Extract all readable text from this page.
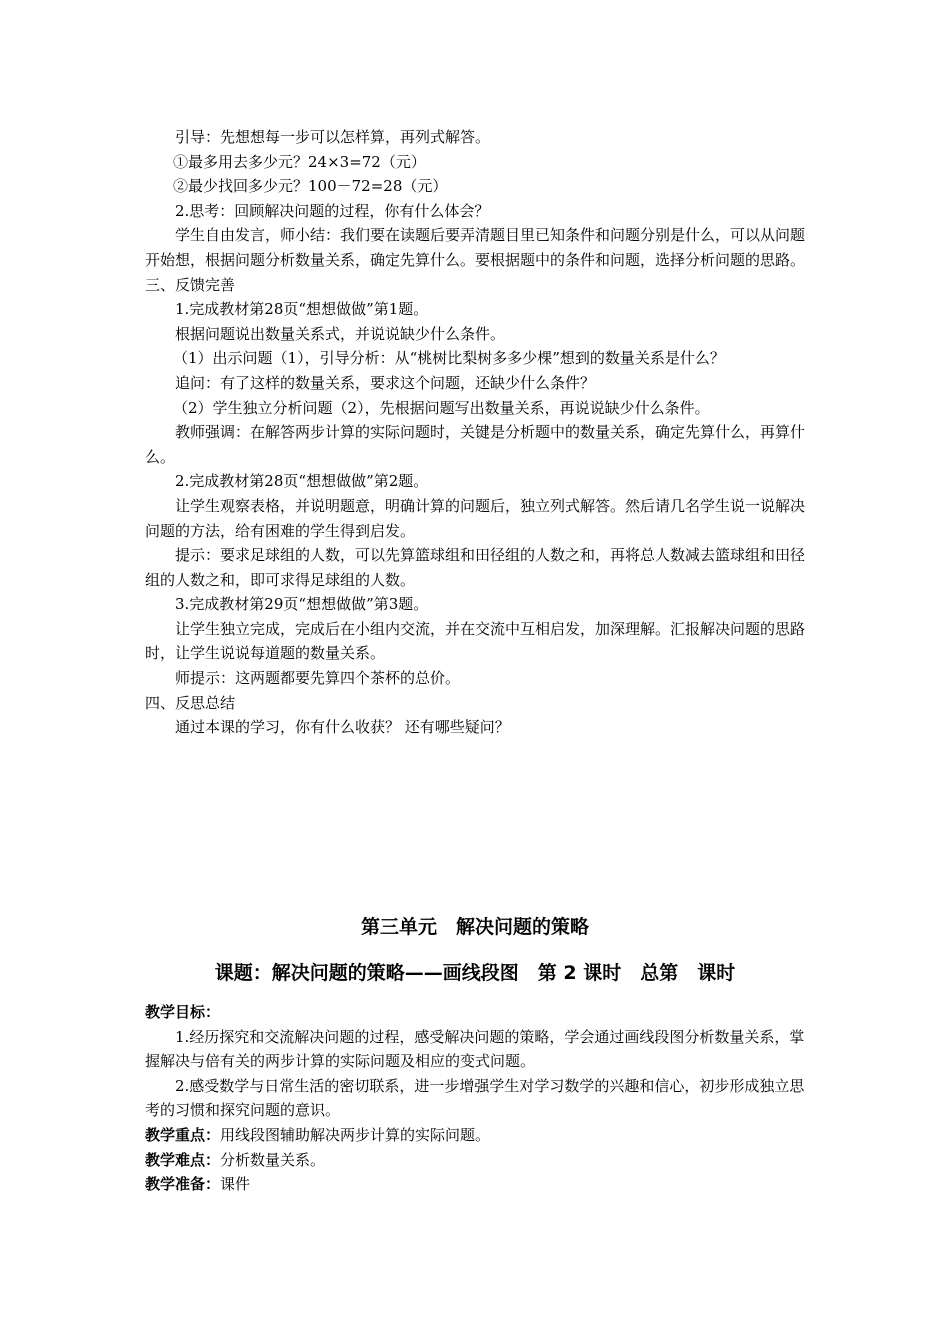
引导：先想想每一步可以怎样算，再列式解答。

①最多用去多少元？24×3=72（元）

②最少找回多少元？100－72=28（元）

2.思考：回顾解决问题的过程，你有什么体会？

学生自由发言，师小结：我们要在读题后要弄清题目里已知条件和问题分别是什么，可以从问题开始想，根据问题分析数量关系，确定先算什么。要根据题中的条件和问题，选择分析问题的思路。

三、反馈完善

1.完成教材第28页“想想做做”第1题。

根据问题说出数量关系式，并说说缺少什么条件。

（1）出示问题（1），引导分析：从“桃树比梨树多多少棵”想到的数量关系是什么？

追问：有了这样的数量关系，要求这个问题，还缺少什么条件？

（2）学生独立分析问题（2），先根据问题写出数量关系，再说说缺少什么条件。

教师强调：在解答两步计算的实际问题时，关键是分析题中的数量关系，确定先算什么，再算什么。

2.完成教材第28页“想想做做”第2题。

让学生观察表格，并说明题意，明确计算的问题后，独立列式解答。然后请几名学生说一说解决问题的方法，给有困难的学生得到启发。

提示：要求足球组的人数，可以先算篮球组和田径组的人数之和，再将总人数减去篮球组和田径组的人数之和，即可求得足球组的人数。

3.完成教材第29页“想想做做”第3题。

让学生独立完成，完成后在小组内交流，并在交流中互相启发，加深理解。汇报解决问题的思路时，让学生说说每道题的数量关系。

师提示：这两题都要先算四个茶杯的总价。

四、反思总结

通过本课的学习，你有什么收获？ 还有哪些疑问？

第三单元　解决问题的策略
课题：解决问题的策略——画线段图　第 2 课时　总第　课时

教学目标：

1.经历探究和交流解决问题的过程，感受解决问题的策略，学会通过画线段图分析数量关系，掌握解决与倍有关的两步计算的实际问题及相应的变式问题。

2.感受数学与日常生活的密切联系，进一步增强学生对学习数学的兴趣和信心，初步形成独立思考的习惯和探究问题的意识。

教学重点：用线段图辅助解决两步计算的实际问题。

教学难点：分析数量关系。

教学准备：课件
